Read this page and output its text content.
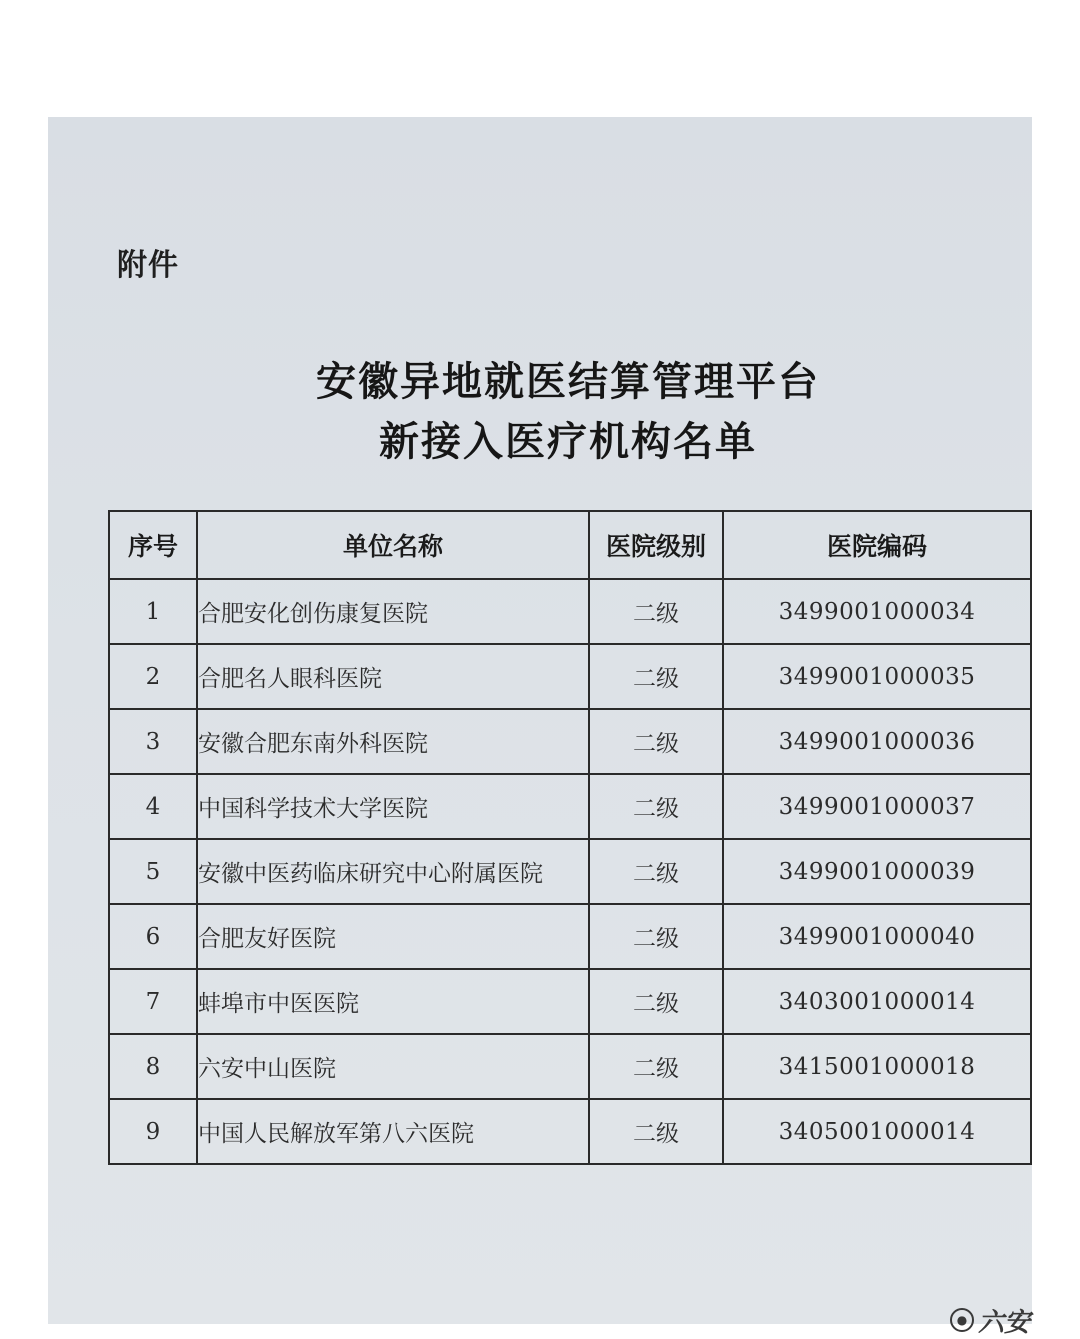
附件
安徽异地就医结算管理平台
新接入医疗机构名单
序号	单位名称	医院级别	医院编码
1	合肥安化创伤康复医院	二级	3499001000034
2	合肥名人眼科医院	二级	3499001000035
3	安徽合肥东南外科医院	二级	3499001000036
4	中国科学技术大学医院	二级	3499001000037
5	安徽中医药临床研究中心附属医院	二级	3499001000039
6	合肥友好医院	二级	3499001000040
7	蚌埠市中医医院	二级	3403001000014
8	六安中山医院	二级	3415001000018
9	中国人民解放军第八六医院	二级	3405001000014
● 六安
